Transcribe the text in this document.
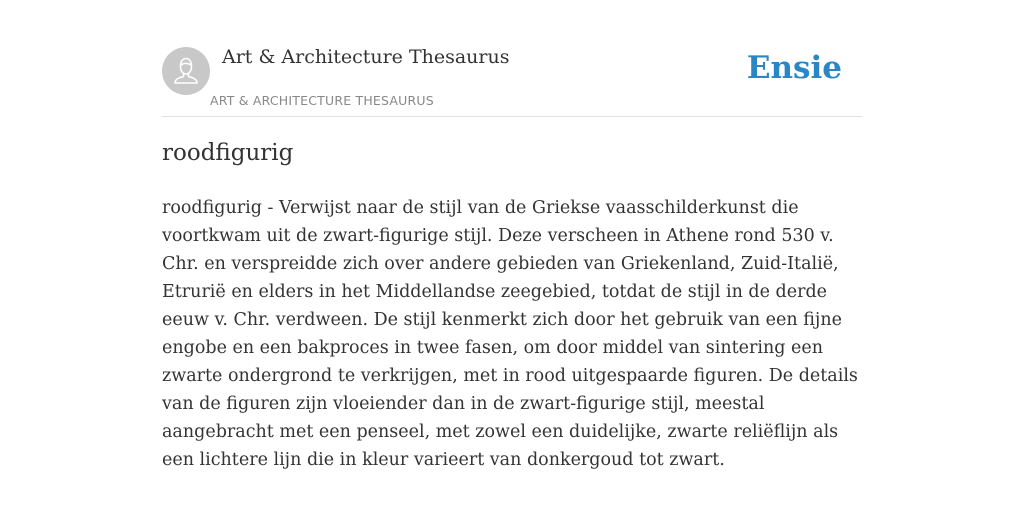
Art & Architecture Thesaurus
ART & ARCHITECTURE THESAURUS
Ensie
roodfigurig

roodfigurig - Verwijst naar de stijl van de Griekse vaasschilderkunst die voortkwam uit de zwart-figurige stijl. Deze verscheen in Athene rond 530 v. Chr. en verspreidde zich over andere gebieden van Griekenland, Zuid-Italië, Etrurië en elders in het Middellandse zeegebied, totdat de stijl in de derde eeuw v. Chr. verdween. De stijl kenmerkt zich door het gebruik van een fijne engobe en een bakproces in twee fasen, om door middel van sintering een zwarte ondergrond te verkrijgen, met in rood uitgespaarde figuren. De details van de figuren zijn vloeiender dan in de zwart-figurige stijl, meestal aangebracht met een penseel, met zowel een duidelijke, zwarte reliëflijn als een lichtere lijn die in kleur varieert van donkergoud tot zwart.
